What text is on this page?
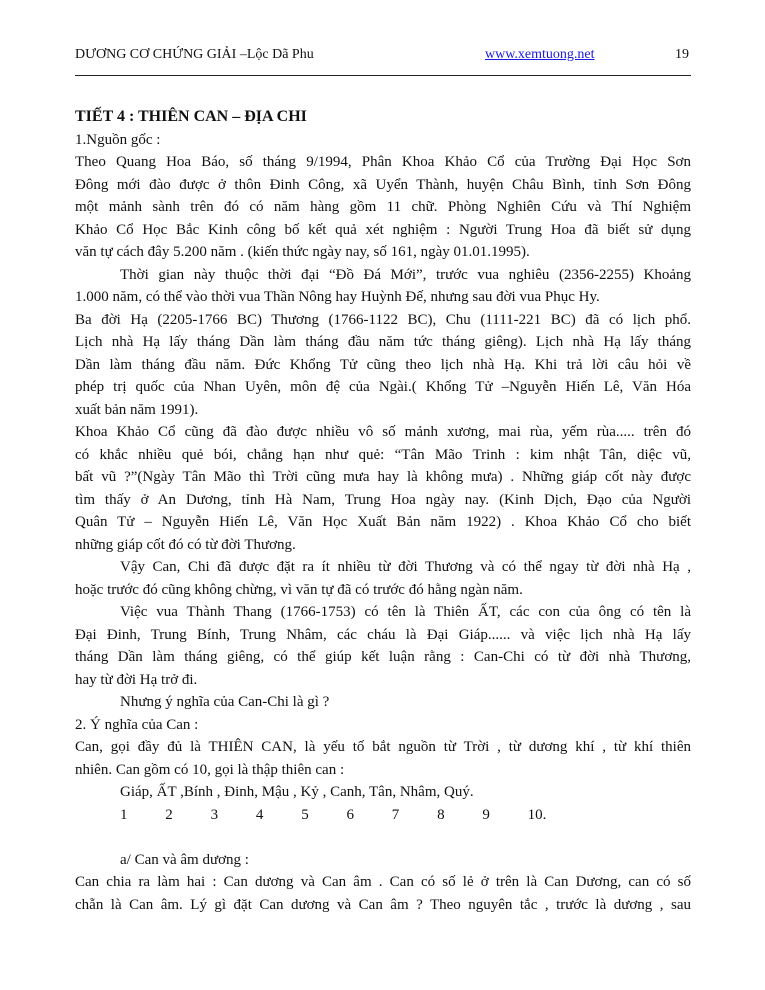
DƯƠNG CƠ CHỨNG GIẢI –Lộc Dã Phu	www.xemtuong.net	19
TIẾT 4 : THIÊN CAN – ĐỊA CHI
1.Nguồn gốc :
Theo Quang Hoa Báo, số tháng 9/1994, Phân Khoa Khảo Cổ của Trường Đại Học Sơn
Đông mới đào được ở thôn Đinh Công, xã Uyển Thành, huyện Châu Bình, tỉnh Sơn Đông
một mảnh sành trên đó có năm hàng gồm 11 chữ. Phòng Nghiên Cứu và Thí Nghiệm
Khảo Cổ Học Bắc Kinh công bố kết quả xét nghiệm : Người Trung Hoa đã biết sử dụng
văn tự cách đây 5.200 năm . (kiến thức ngày nay, số 161, ngày 01.01.1995).
Thời gian này thuộc thời đại “Đồ Đá Mới”, trước vua nghiêu (2356-2255) Khoảng
1.000 năm, có thể vào thời vua Thần Nông hay Huỳnh Đế, nhưng sau đời vua Phục Hy.
Ba đời Hạ (2205-1766 BC) Thương (1766-1122 BC), Chu (1111-221 BC) đã có lịch phổ.
Lịch nhà Hạ lấy tháng Dần làm tháng đầu năm tức tháng giêng). Lịch nhà Hạ lấy tháng
Dần làm tháng đầu năm. Đức Khổng Tử cũng theo lịch nhà Hạ. Khi trả lời câu hỏi về
phép trị quốc của Nhan Uyên, môn đệ của Ngài.( Khổng Tử –Nguyễn Hiến Lê, Văn Hóa
xuất bản năm 1991).
Khoa Khảo Cổ cũng đã đào được nhiều vô số mảnh xương, mai rùa, yếm rùa..... trên đó
có khắc nhiều quẻ bói, chẳng hạn như quẻ: “Tân Mão Trinh : kim nhật Tân, diệc vũ,
bất vũ ?”(Ngày Tân Mão thì Trời cũng mưa hay là không mưa) . Những giáp cốt này được
tìm thấy ở An Dương, tỉnh Hà Nam, Trung Hoa ngày nay. (Kinh Dịch, Đạo của Người
Quân Tử – Nguyễn Hiến Lê, Văn Học Xuất Bản năm 1922) . Khoa Khảo Cổ cho biết
những giáp cốt đó có từ đời Thương.
Vậy Can, Chi đã được đặt ra ít nhiều từ đời Thương và có thể ngay từ đời nhà Hạ ,
hoặc trước đó cũng không chừng, vì văn tự đã có trước đó hằng ngàn năm.
Việc vua Thành Thang (1766-1753) có tên là Thiên ẤT, các con của ông có tên là
Đại Đinh, Trung Bính, Trung Nhâm, các cháu là Đại Giáp...... và việc lịch nhà Hạ lấy
tháng Dần làm tháng giêng, có thể giúp kết luận rằng : Can-Chi có từ đời nhà Thương,
hay từ đời Hạ trở đi.
Nhưng ý nghĩa của Can-Chi là gì ?
2. Ý nghĩa của Can :
Can, gọi đầy đủ là THIÊN CAN, là yếu tố bắt nguồn từ Trời , từ dương khí , từ khí thiên
nhiên. Can gồm có 10, gọi là thập thiên can :
Giáp, ẤT ,Bính , Đinh, Mậu , Kỷ , Canh, Tân, Nhâm, Quý.
1	2	3	4	5	6	7	8	9	10.
a/ Can và âm dương :
Can chia ra làm hai : Can dương và Can âm . Can có số lẻ ở trên là Can Dương, can có số
chẵn là Can âm. Lý gì đặt Can dương và Can âm ? Theo nguyên tắc , trước là dương , sau
